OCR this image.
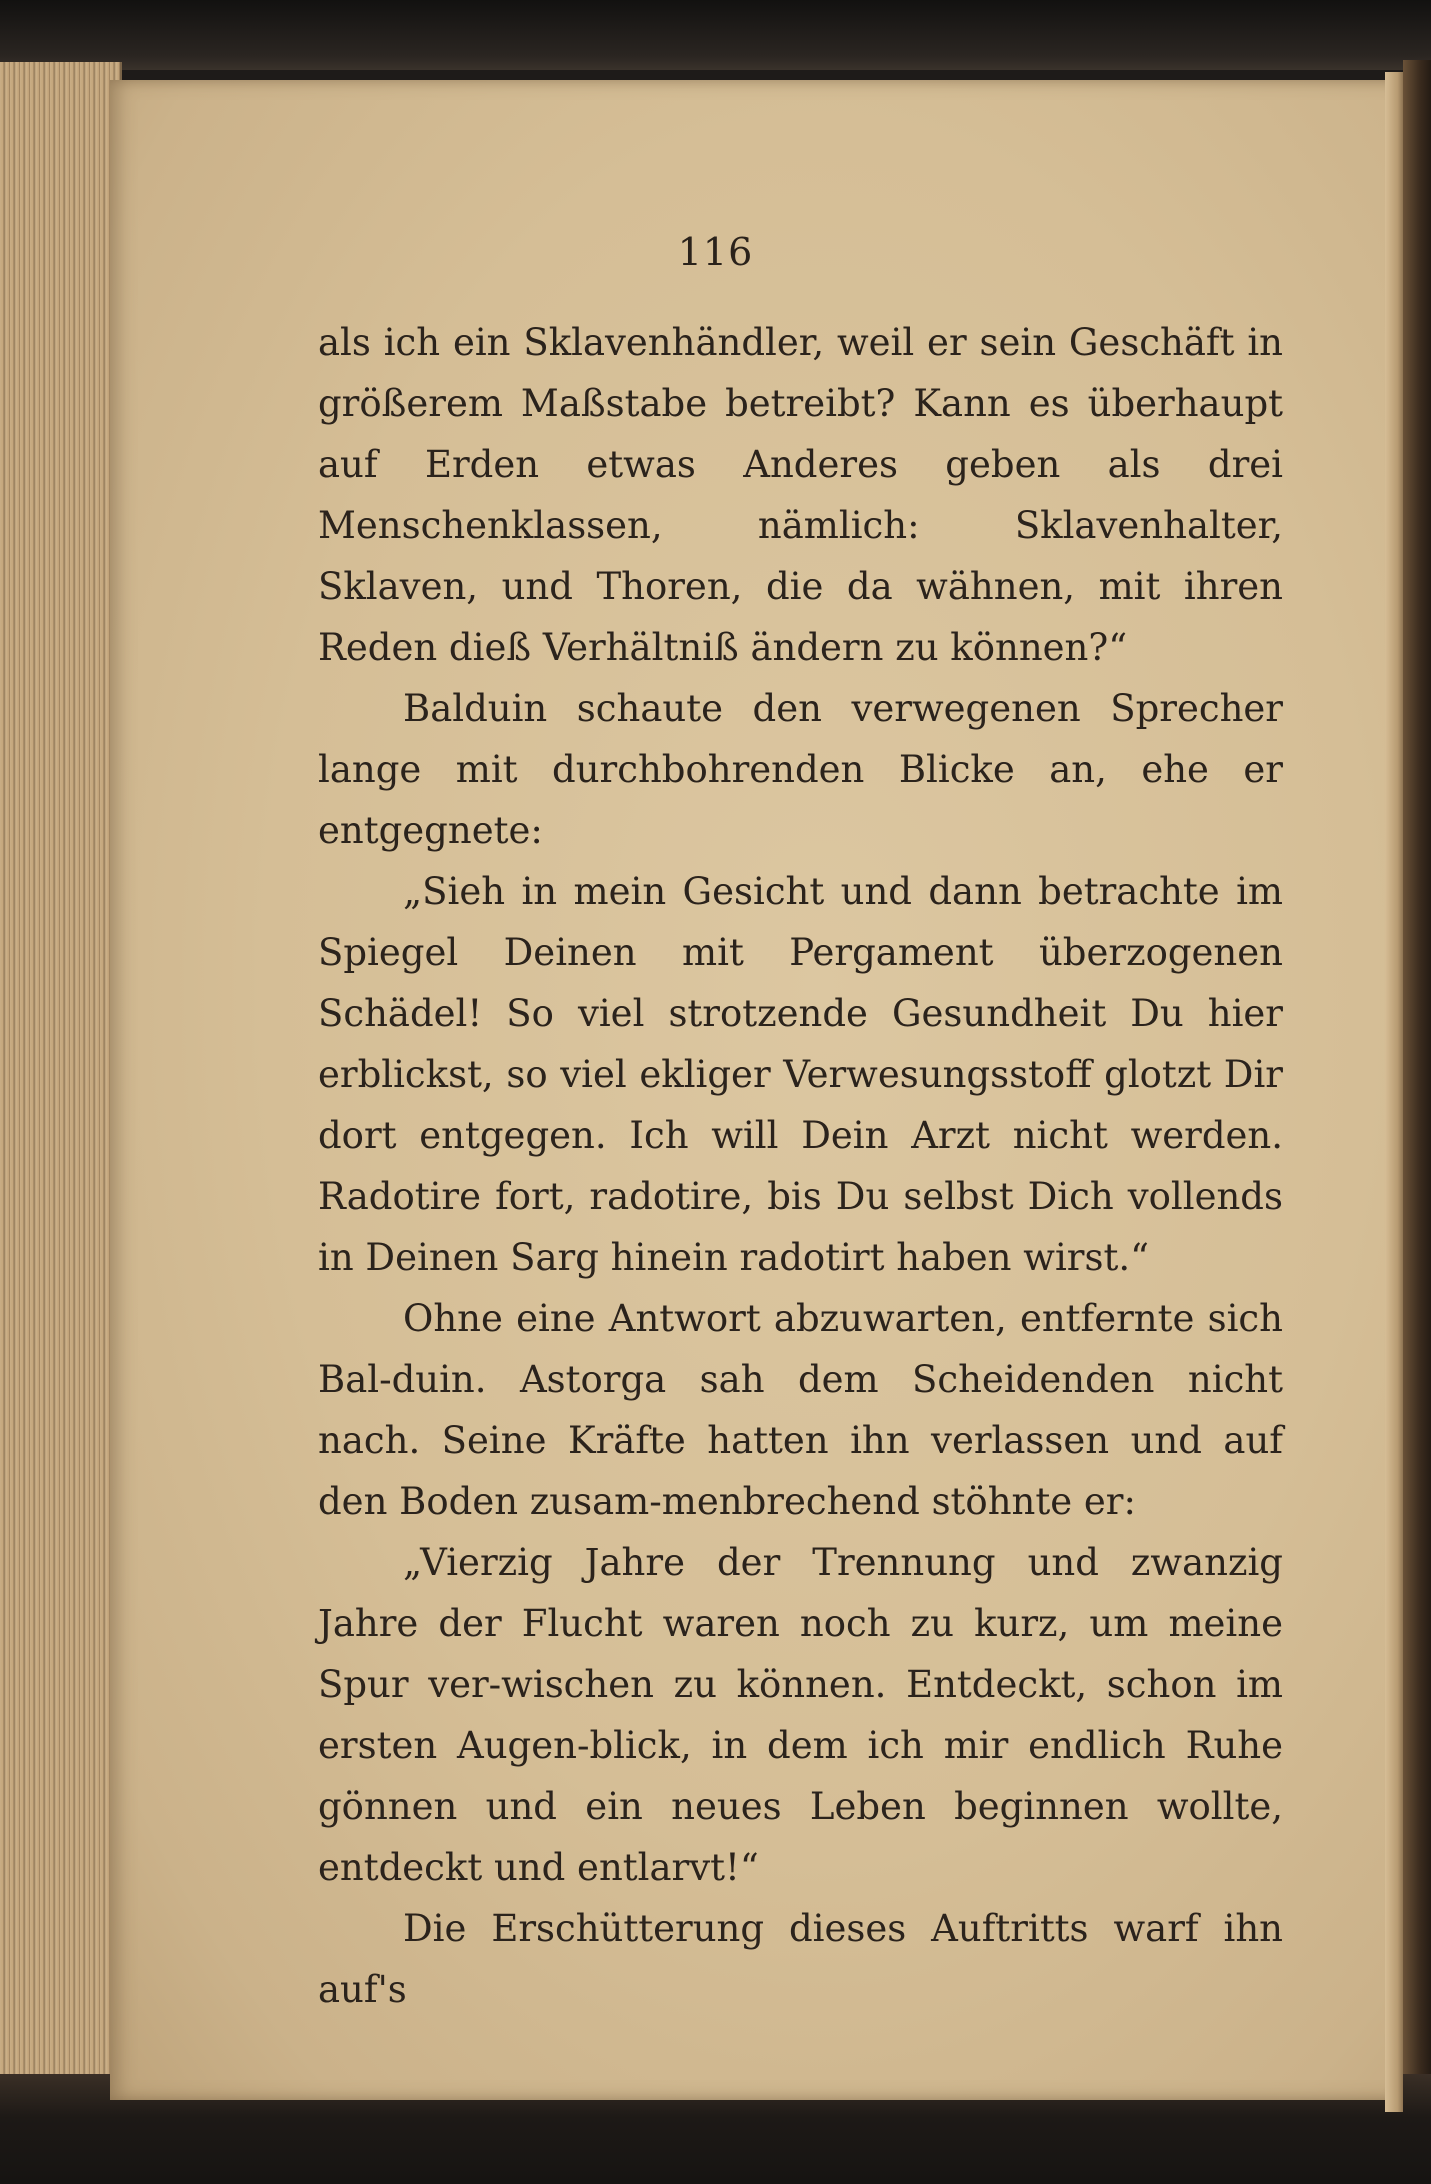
116

als ich ein Sklavenhändler, weil er sein Geschäft in größerem Maßstabe betreibt? Kann es überhaupt auf Erden etwas Anderes geben als drei Menschenklassen, nämlich: Sklavenhalter, Sklaven, und Thoren, die da wähnen, mit ihren Reden dieß Verhältniß ändern zu können?“

Balduin schaute den verwegenen Sprecher lange mit durchbohrenden Blicke an, ehe er entgegnete:

„Sieh in mein Gesicht und dann betrachte im Spiegel Deinen mit Pergament überzogenen Schädel! So viel strotzende Gesundheit Du hier erblickst, so viel ekliger Verwesungsstoff glotzt Dir dort entgegen. Ich will Dein Arzt nicht werden. Radotire fort, radotire, bis Du selbst Dich vollends in Deinen Sarg hinein radotirt haben wirst.“

Ohne eine Antwort abzuwarten, entfernte sich Bal-duin. Astorga sah dem Scheidenden nicht nach. Seine Kräfte hatten ihn verlassen und auf den Boden zusam-menbrechend stöhnte er:

„Vierzig Jahre der Trennung und zwanzig Jahre der Flucht waren noch zu kurz, um meine Spur ver-wischen zu können. Entdeckt, schon im ersten Augen-blick, in dem ich mir endlich Ruhe gönnen und ein neues Leben beginnen wollte, entdeckt und entlarvt!“

Die Erschütterung dieses Auftritts warf ihn auf's
